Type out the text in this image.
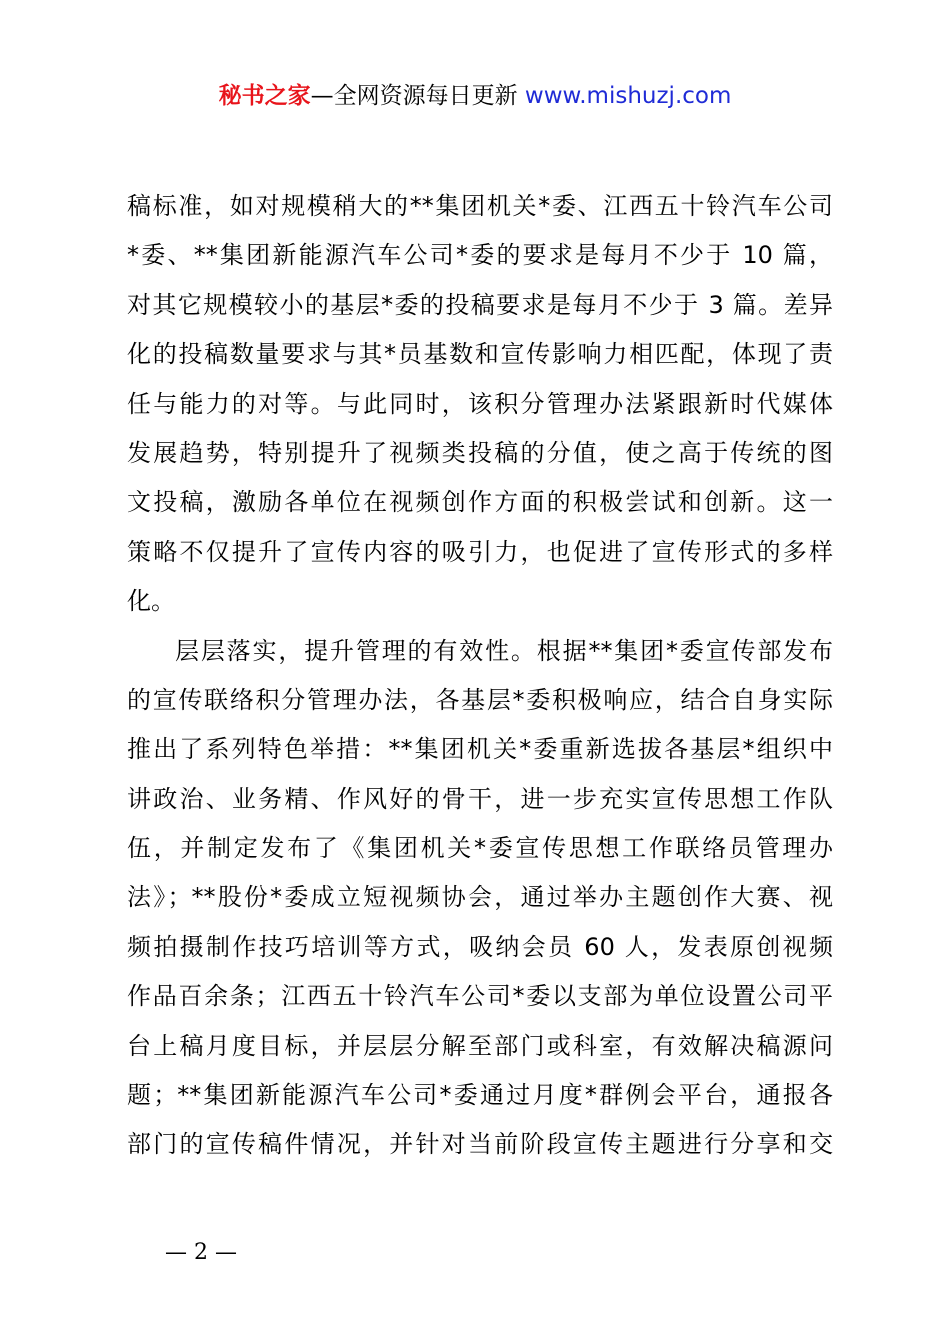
秘书之家—全网资源每日更新 www.mishuzj.com
稿标准，如对规模稍大的**集团机关*委、江西五十铃汽车公司
*委、**集团新能源汽车公司*委的要求是每月不少于 10 篇，
对其它规模较小的基层*委的投稿要求是每月不少于 3 篇。差异
化的投稿数量要求与其*员基数和宣传影响力相匹配，体现了责
任与能力的对等。与此同时，该积分管理办法紧跟新时代媒体
发展趋势，特别提升了视频类投稿的分值，使之高于传统的图
文投稿，激励各单位在视频创作方面的积极尝试和创新。这一
策略不仅提升了宣传内容的吸引力，也促进了宣传形式的多样
化。
层层落实，提升管理的有效性。根据**集团*委宣传部发布
的宣传联络积分管理办法，各基层*委积极响应，结合自身实际
推出了系列特色举措：**集团机关*委重新选拔各基层*组织中
讲政治、业务精、作风好的骨干，进一步充实宣传思想工作队
伍，并制定发布了《集团机关*委宣传思想工作联络员管理办
法》；**股份*委成立短视频协会，通过举办主题创作大赛、视
频拍摄制作技巧培训等方式，吸纳会员 60 人，发表原创视频
作品百余条；江西五十铃汽车公司*委以支部为单位设置公司平
台上稿月度目标，并层层分解至部门或科室，有效解决稿源问
题；**集团新能源汽车公司*委通过月度*群例会平台，通报各
部门的宣传稿件情况，并针对当前阶段宣传主题进行分享和交
— 2 —
